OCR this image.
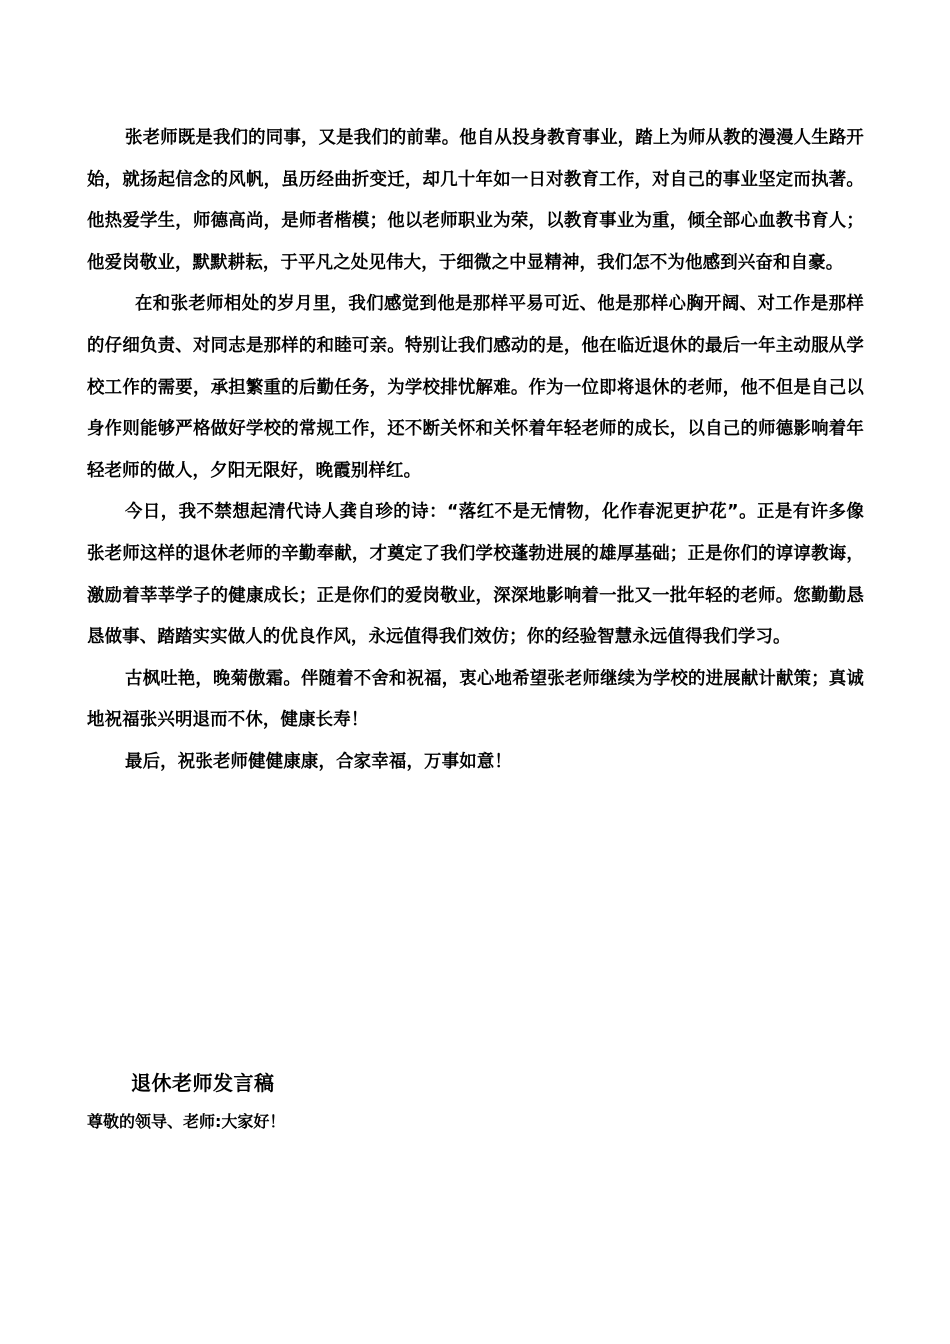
张老师既是我们的同事，又是我们的前辈。他自从投身教育事业，踏上为师从教的漫漫人生路开始，就扬起信念的风帆，虽历经曲折变迁，却几十年如一日对教育工作，对自己的事业坚定而执著。他热爱学生，师德高尚，是师者楷模；他以老师职业为荣，以教育事业为重，倾全部心血教书育人；他爱岗敬业，默默耕耘，于平凡之处见伟大，于细微之中显精神，我们怎不为他感到兴奋和自豪。

在和张老师相处的岁月里，我们感觉到他是那样平易可近、他是那样心胸开阔、对工作是那样的仔细负责、对同志是那样的和睦可亲。特别让我们感动的是，他在临近退休的最后一年主动服从学校工作的需要，承担繁重的后勤任务，为学校排忧解难。作为一位即将退休的老师，他不但是自己以身作则能够严格做好学校的常规工作，还不断关怀和关怀着年轻老师的成长，以自己的师德影响着年轻老师的做人，夕阳无限好，晚霞别样红。

今日，我不禁想起清代诗人龚自珍的诗：“落红不是无情物，化作春泥更护花”。正是有许多像张老师这样的退休老师的辛勤奉献，才奠定了我们学校蓬勃进展的雄厚基础；正是你们的谆谆教诲，激励着莘莘学子的健康成长；正是你们的爱岗敬业，深深地影响着一批又一批年轻的老师。您勤勤恳恳做事、踏踏实实做人的优良作风，永远值得我们效仿；你的经验智慧永远值得我们学习。

古枫吐艳，晚菊傲霜。伴随着不舍和祝福，衷心地希望张老师继续为学校的进展献计献策；真诚地祝福张兴明退而不休，健康长寿！

最后，祝张老师健健康康，合家幸福，万事如意！

退休老师发言稿

尊敬的领导、老师:大家好！
